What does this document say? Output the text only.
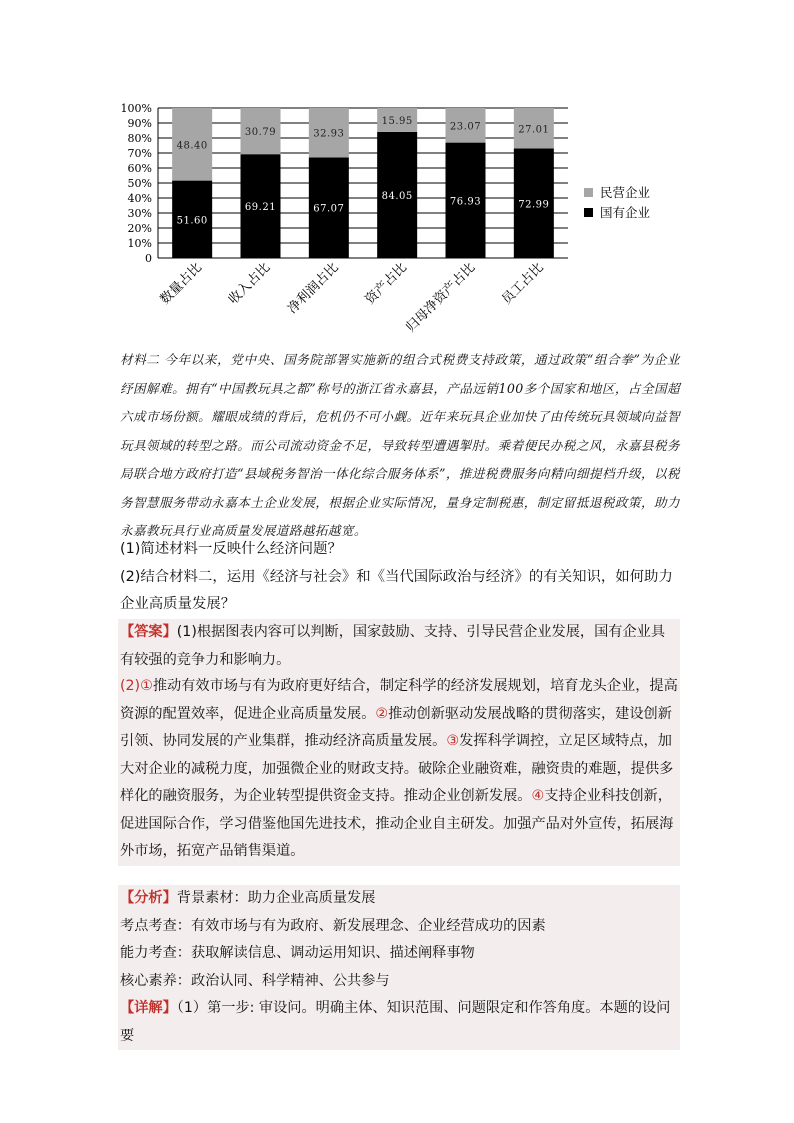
100%
90%
80%
70%
60%
50%
40%
30%
20%
10%
0
51.60
48.40
69.21
30.79
67.07
32.93
84.05
15.95
76.93
23.07
72.99
27.01
数量占比 收入占比 净利润占比 资产占比
归母净资产占比 员工占比
民营企业
国有企业
材料二 今年以来，党中央、国务院部署实施新的组合式税费支持政策，通过政策“组合拳”为企业纾困解难。拥有“中国教玩具之都”称号的浙江省永嘉县，产品远销100多个国家和地区，占全国超六成市场份额。耀眼成绩的背后，危机仍不可小觑。近年来玩具企业加快了由传统玩具领域向益智玩具领域的转型之路。而公司流动资金不足，导致转型遭遇掣肘。乘着便民办税之风，永嘉县税务局联合地方政府打造“县域税务智治一体化综合服务体系”，推进税费服务向精向细提档升级，以税务智慧服务带动永嘉本土企业发展，根据企业实际情况，量身定制税惠，制定留抵退税政策，助力永嘉教玩具行业高质量发展道路越拓越宽。

(1)简述材料一反映什么经济问题？

(2)结合材料二，运用《经济与社会》和《当代国际政治与经济》的有关知识，如何助力企业高质量发展？

【答案】(1)根据图表内容可以判断，国家鼓励、支持、引导民营企业发展，国有企业具有较强的竞争力和影响力。
(2)①推动有效市场与有为政府更好结合，制定科学的经济发展规划，培育龙头企业，提高资源的配置效率，促进企业高质量发展。②推动创新驱动发展战略的贯彻落实，建设创新引领、协同发展的产业集群，推动经济高质量发展。③发挥科学调控，立足区域特点，加大对企业的减税力度，加强微企业的财政支持。破除企业融资难，融资贵的难题，提供多样化的融资服务，为企业转型提供资金支持。推动企业创新发展。④支持企业科技创新，促进国际合作，学习借鉴他国先进技术，推动企业自主研发。加强产品对外宣传，拓展海外市场，拓宽产品销售渠道。

【分析】背景素材：助力企业高质量发展

考点考查：有效市场与有为政府、新发展理念、企业经营成功的因素

能力考查：获取解读信息、调动运用知识、描述阐释事物

核心素养：政治认同、科学精神、公共参与

【详解】（1）第一步: 审设问。明确主体、知识范围、问题限定和作答角度。本题的设问要
